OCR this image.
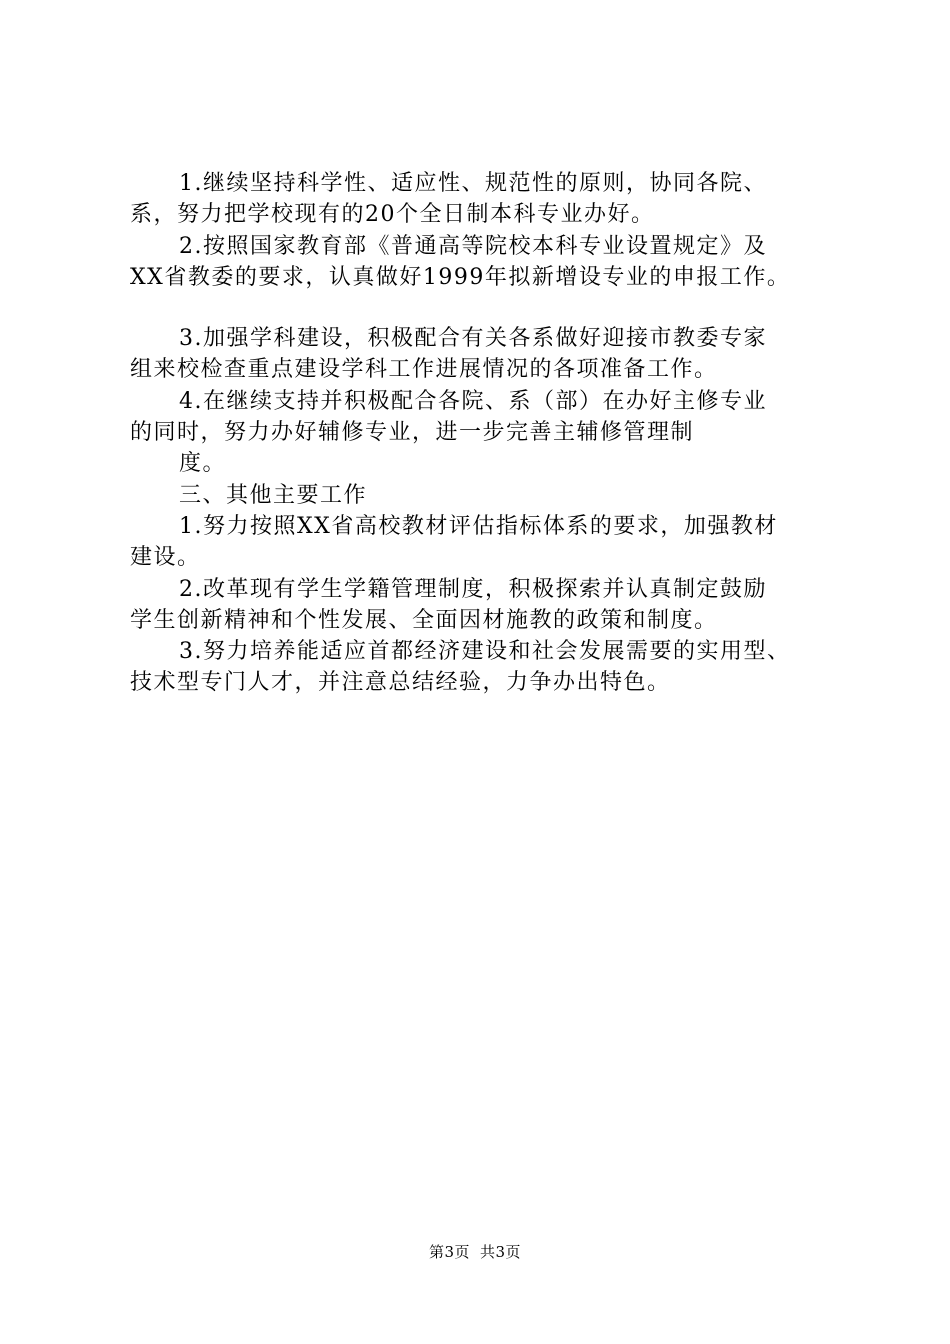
1.继续坚持科学性、适应性、规范性的原则，协同各院、
系，努力把学校现有的20个全日制本科专业办好。
2.按照国家教育部《普通高等院校本科专业设置规定》及
XX省教委的要求，认真做好1999年拟新增设专业的申报工作。
3.加强学科建设，积极配合有关各系做好迎接市教委专家
组来校检查重点建设学科工作进展情况的各项准备工作。
4.在继续支持并积极配合各院、系（部）在办好主修专业
的同时，努力办好辅修专业，进一步完善主辅修管理制
度。
三、其他主要工作
1.努力按照XX省高校教材评估指标体系的要求，加强教材
建设。
2.改革现有学生学籍管理制度，积极探索并认真制定鼓励
学生创新精神和个性发展、全面因材施教的政策和制度。
3.努力培养能适应首都经济建设和社会发展需要的实用型、
技术型专门人才，并注意总结经验，力争办出特色。
第3页 共3页
